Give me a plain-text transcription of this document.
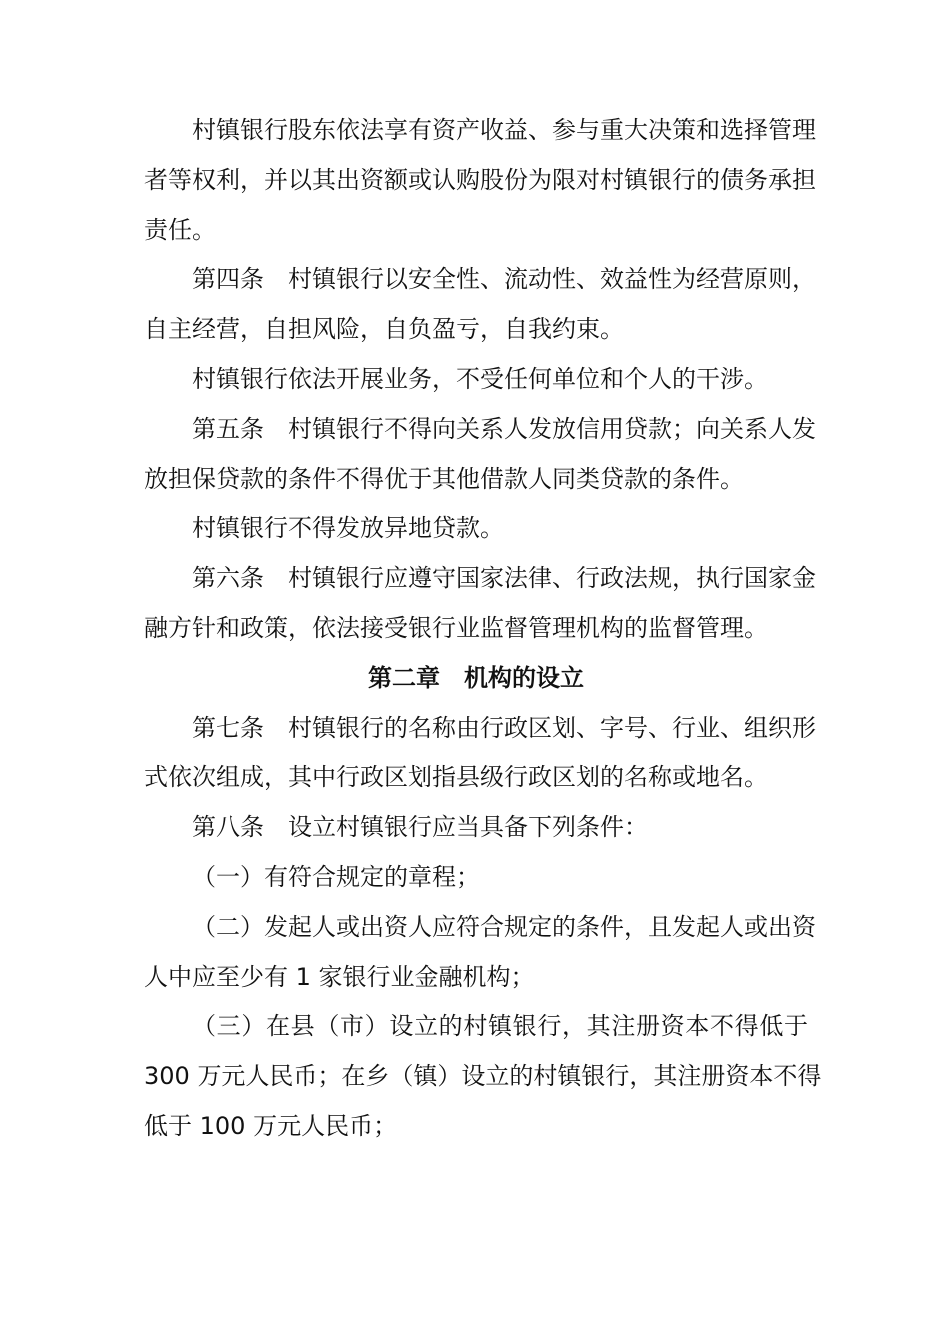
村镇银行股东依法享有资产收益、参与重大决策和选择管理
者等权利，并以其出资额或认购股份为限对村镇银行的债务承担
责任。

第四条　村镇银行以安全性、流动性、效益性为经营原则，
自主经营，自担风险，自负盈亏，自我约束。

村镇银行依法开展业务，不受任何单位和个人的干涉。

第五条　村镇银行不得向关系人发放信用贷款；向关系人发
放担保贷款的条件不得优于其他借款人同类贷款的条件。

村镇银行不得发放异地贷款。

第六条　村镇银行应遵守国家法律、行政法规，执行国家金
融方针和政策，依法接受银行业监督管理机构的监督管理。

第二章　机构的设立

第七条　村镇银行的名称由行政区划、字号、行业、组织形
式依次组成，其中行政区划指县级行政区划的名称或地名。

第八条　设立村镇银行应当具备下列条件：

（一）有符合规定的章程；

（二）发起人或出资人应符合规定的条件，且发起人或出资
人中应至少有 1 家银行业金融机构；

（三）在县（市）设立的村镇银行，其注册资本不得低于
300 万元人民币；在乡（镇）设立的村镇银行，其注册资本不得
低于 100 万元人民币；
